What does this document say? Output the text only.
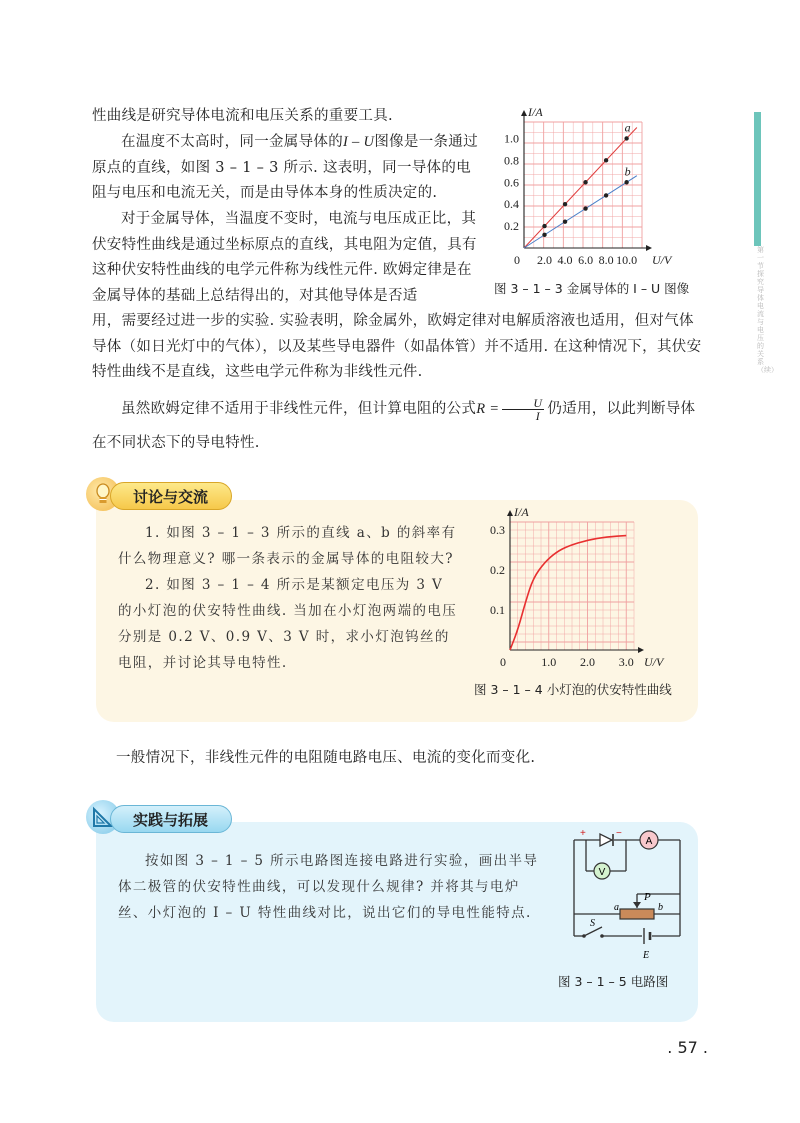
第一节 探究导体电流与电压的关系（续）
性曲线是研究导体电流和电压关系的重要工具.
在温度不太高时，同一金属导体的I – U图像是一条通过原点的直线，如图 3 – 1 – 3 所示. 这表明，同一导体的电阻与电压和电流无关，而是由导体本身的性质决定的.
对于金属导体，当温度不变时，电流与电压成正比，其伏安特性曲线是通过坐标原点的直线，其电阻为定值，具有这种伏安特性曲线的电学元件称为线性元件. 欧姆定律是在金属导体的基础上总结得出的，对其他导体是否适
用，需要经过进一步的实验. 实验表明，除金属外，欧姆定律对电解质溶液也适用，但对气体导体（如日光灯中的气体），以及某些导电器件（如晶体管）并不适用. 在这种情况下，其伏安特性曲线不是直线，这些电学元件称为非线性元件.
虽然欧姆定律不适用于非线性元件，但计算电阻的公式$R = \frac{U}{I}$ 仍适用，以此判断导体在不同状态下的导电特性.
I/A
U/V
0 2.0 4.0 6.0 8.0 10.0
0.2
0.4
0.6
0.8
1.0
a
b
图 3 – 1 – 3 金属导体的 I – U 图像
讨论与交流
1. 如图 3 – 1 – 3 所示的直线 a、b 的斜率有什么物理意义? 哪一条表示的金属导体的电阻较大?
2. 如图 3 – 1 – 4 所示是某额定电压为 3 V 的小灯泡的伏安特性曲线. 当加在小灯泡两端的电压分别是 0.2 V、0.9 V、3 V 时，求小灯泡钨丝的电阻，并讨论其导电特性.
I/A
U/V
0	1.0 2.0 3.0
0.1
0.2
0.3
图 3 – 1 – 4 小灯泡的伏安特性曲线
一般情况下，非线性元件的电阻随电路电压、电流的变化而变化.
实践与拓展
按如图 3 – 1 – 5 所示电路图连接电路进行实验，画出半导体二极管的伏安特性曲线，可以发现什么规律? 并将其与电炉丝、小灯泡的 I – U 特性曲线对比，说出它们的导电性能特点.
A
V
+	−
P
a	b
S
E
图 3 – 1 – 5 电路图
. 57 .
